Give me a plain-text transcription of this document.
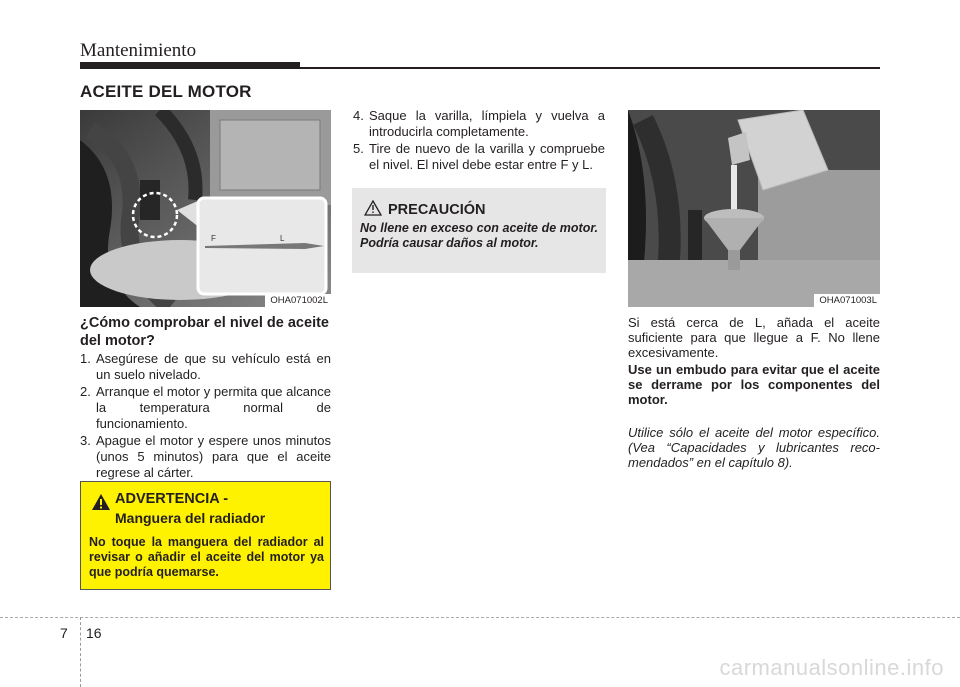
Mantenimiento
ACEITE DEL MOTOR
F	L
OHA071002L
¿Cómo comprobar el nivel de aceite del motor?
1. Asegúrese de que su vehículo está en un suelo nivelado.
2. Arranque el motor y permita que alcance la temperatura normal de funcionamiento.
3. Apague el motor y espere unos minutos (unos 5 minutos) para que el aceite regrese al cárter.
ADVERTENCIA -
Manguera del radiador
No toque la manguera del radiador al revisar o añadir el aceite del motor ya que podría quemarse.
4. Saque la varilla, límpiela y vuelva a introducirla completamente.
5. Tire de nuevo de la varilla y compruebe el nivel. El nivel debe estar entre F y L.
PRECAUCIÓN
No llene en exceso con aceite de motor. Podría causar daños al motor.
OHA071003L
Si está cerca de L, añada el aceite suficiente para que llegue a F. No llene excesivamente.
Use un embudo para evitar que el aceite se derrame por los componentes del motor.
Utilice sólo el aceite del motor específico. (Vea “Capacidades y lubricantes reco-mendados” en el capítulo 8).
7 16
carmanualsonline.info
